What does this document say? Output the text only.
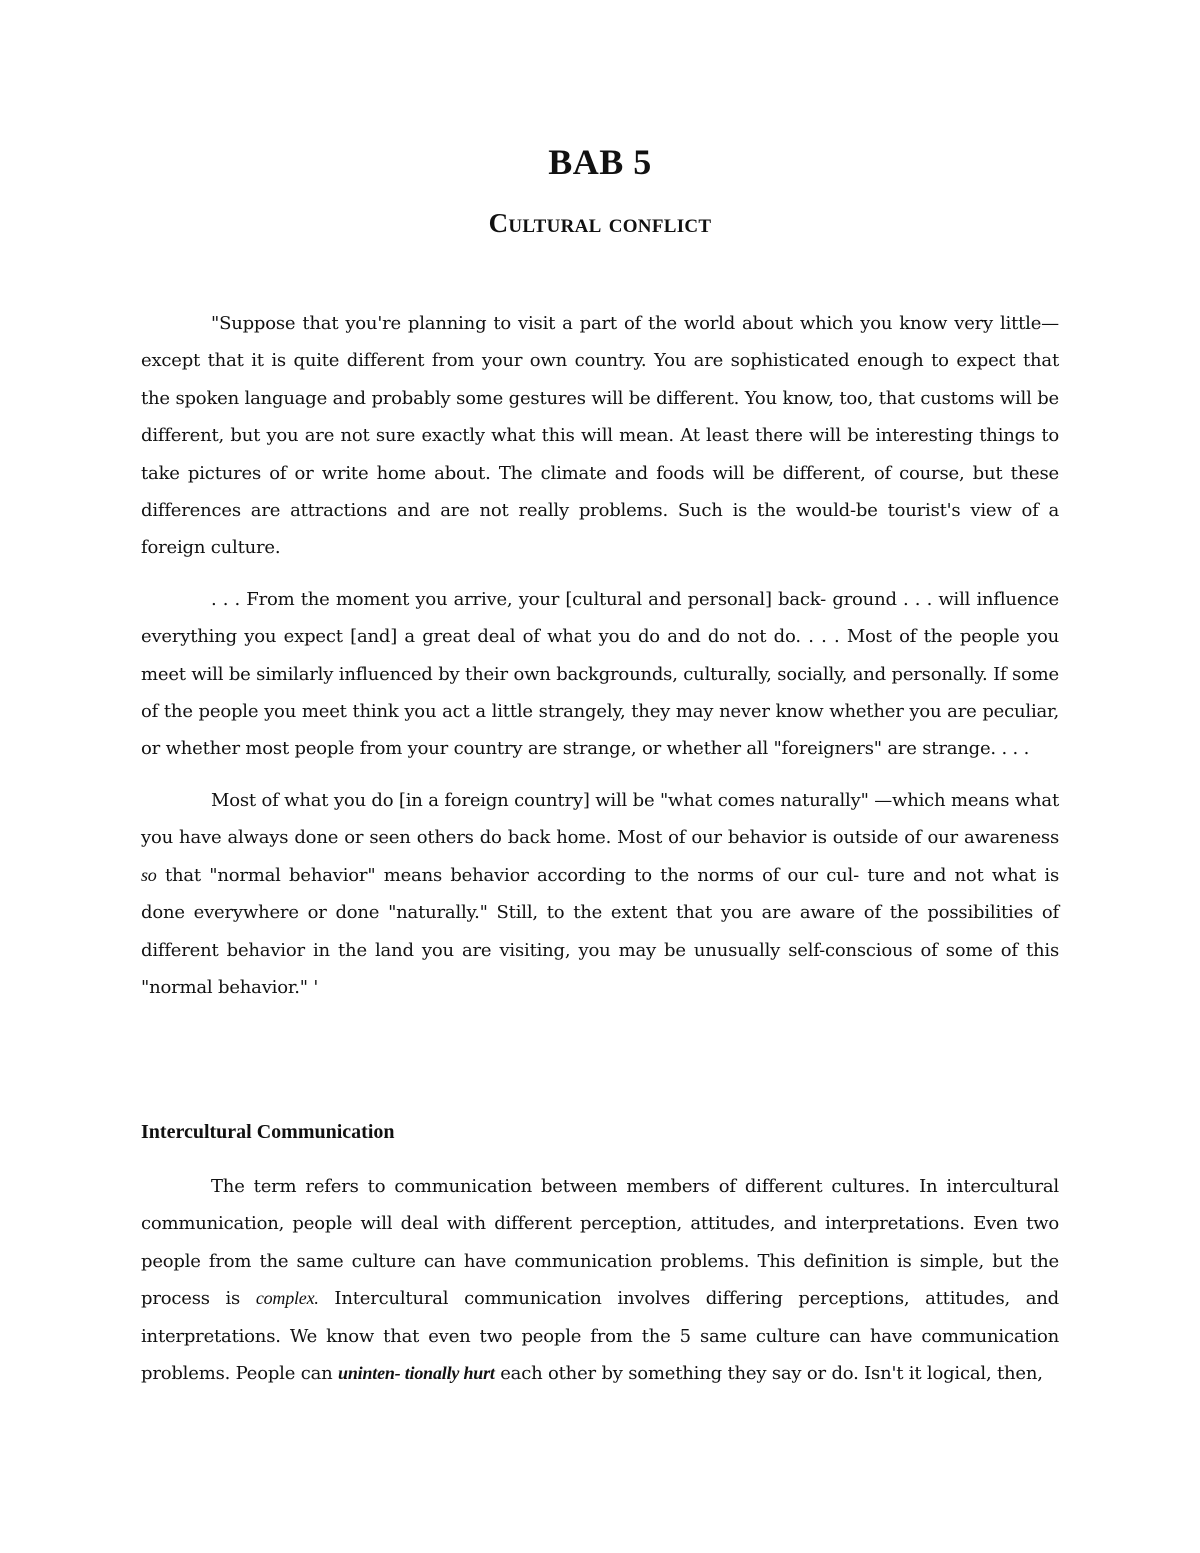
BAB 5
Cultural conflict

"Suppose that you're planning to visit a part of the world about which you know very little—except that it is quite different from your own country. You are sophisticated enough to expect that the spoken language and probably some gestures will be different. You know, too, that customs will be different, but you are not sure exactly what this will mean. At least there will be interesting things to take pictures of or write home about. The climate and foods will be different, of course, but these differences are attractions and are not really problems. Such is the would-be tourist's view of a foreign culture.

. . . From the moment you arrive, your [cultural and personal] back- ground . . . will influence everything you expect [and] a great deal of what you do and do not do. . . . Most of the people you meet will be similarly influenced by their own backgrounds, culturally, socially, and personally. If some of the people you meet think you act a little strangely, they may never know whether you are peculiar, or whether most people from your country are strange, or whether all "foreigners" are strange. . . .

Most of what you do [in a foreign country] will be "what comes naturally" —which means what you have always done or seen others do back home. Most of our behavior is outside of our awareness so that "normal behavior" means behavior according to the norms of our cul- ture and not what is done everywhere or done "naturally." Still, to the extent that you are aware of the possibilities of different behavior in the land you are visiting, you may be unusually self-conscious of some of this "normal behavior." '

Intercultural Communication

The term refers to communication between members of different cultures. In intercultural communication, people will deal with different perception, attitudes, and interpretations. Even two people from the same culture can have communication problems. This definition is simple, but the process is complex. Intercultural communication involves differing perceptions, attitudes, and interpretations. We know that even two people from the 5 same culture can have communication problems. People can uninten- tionally hurt each other by something they say or do. Isn't it logical, then,
